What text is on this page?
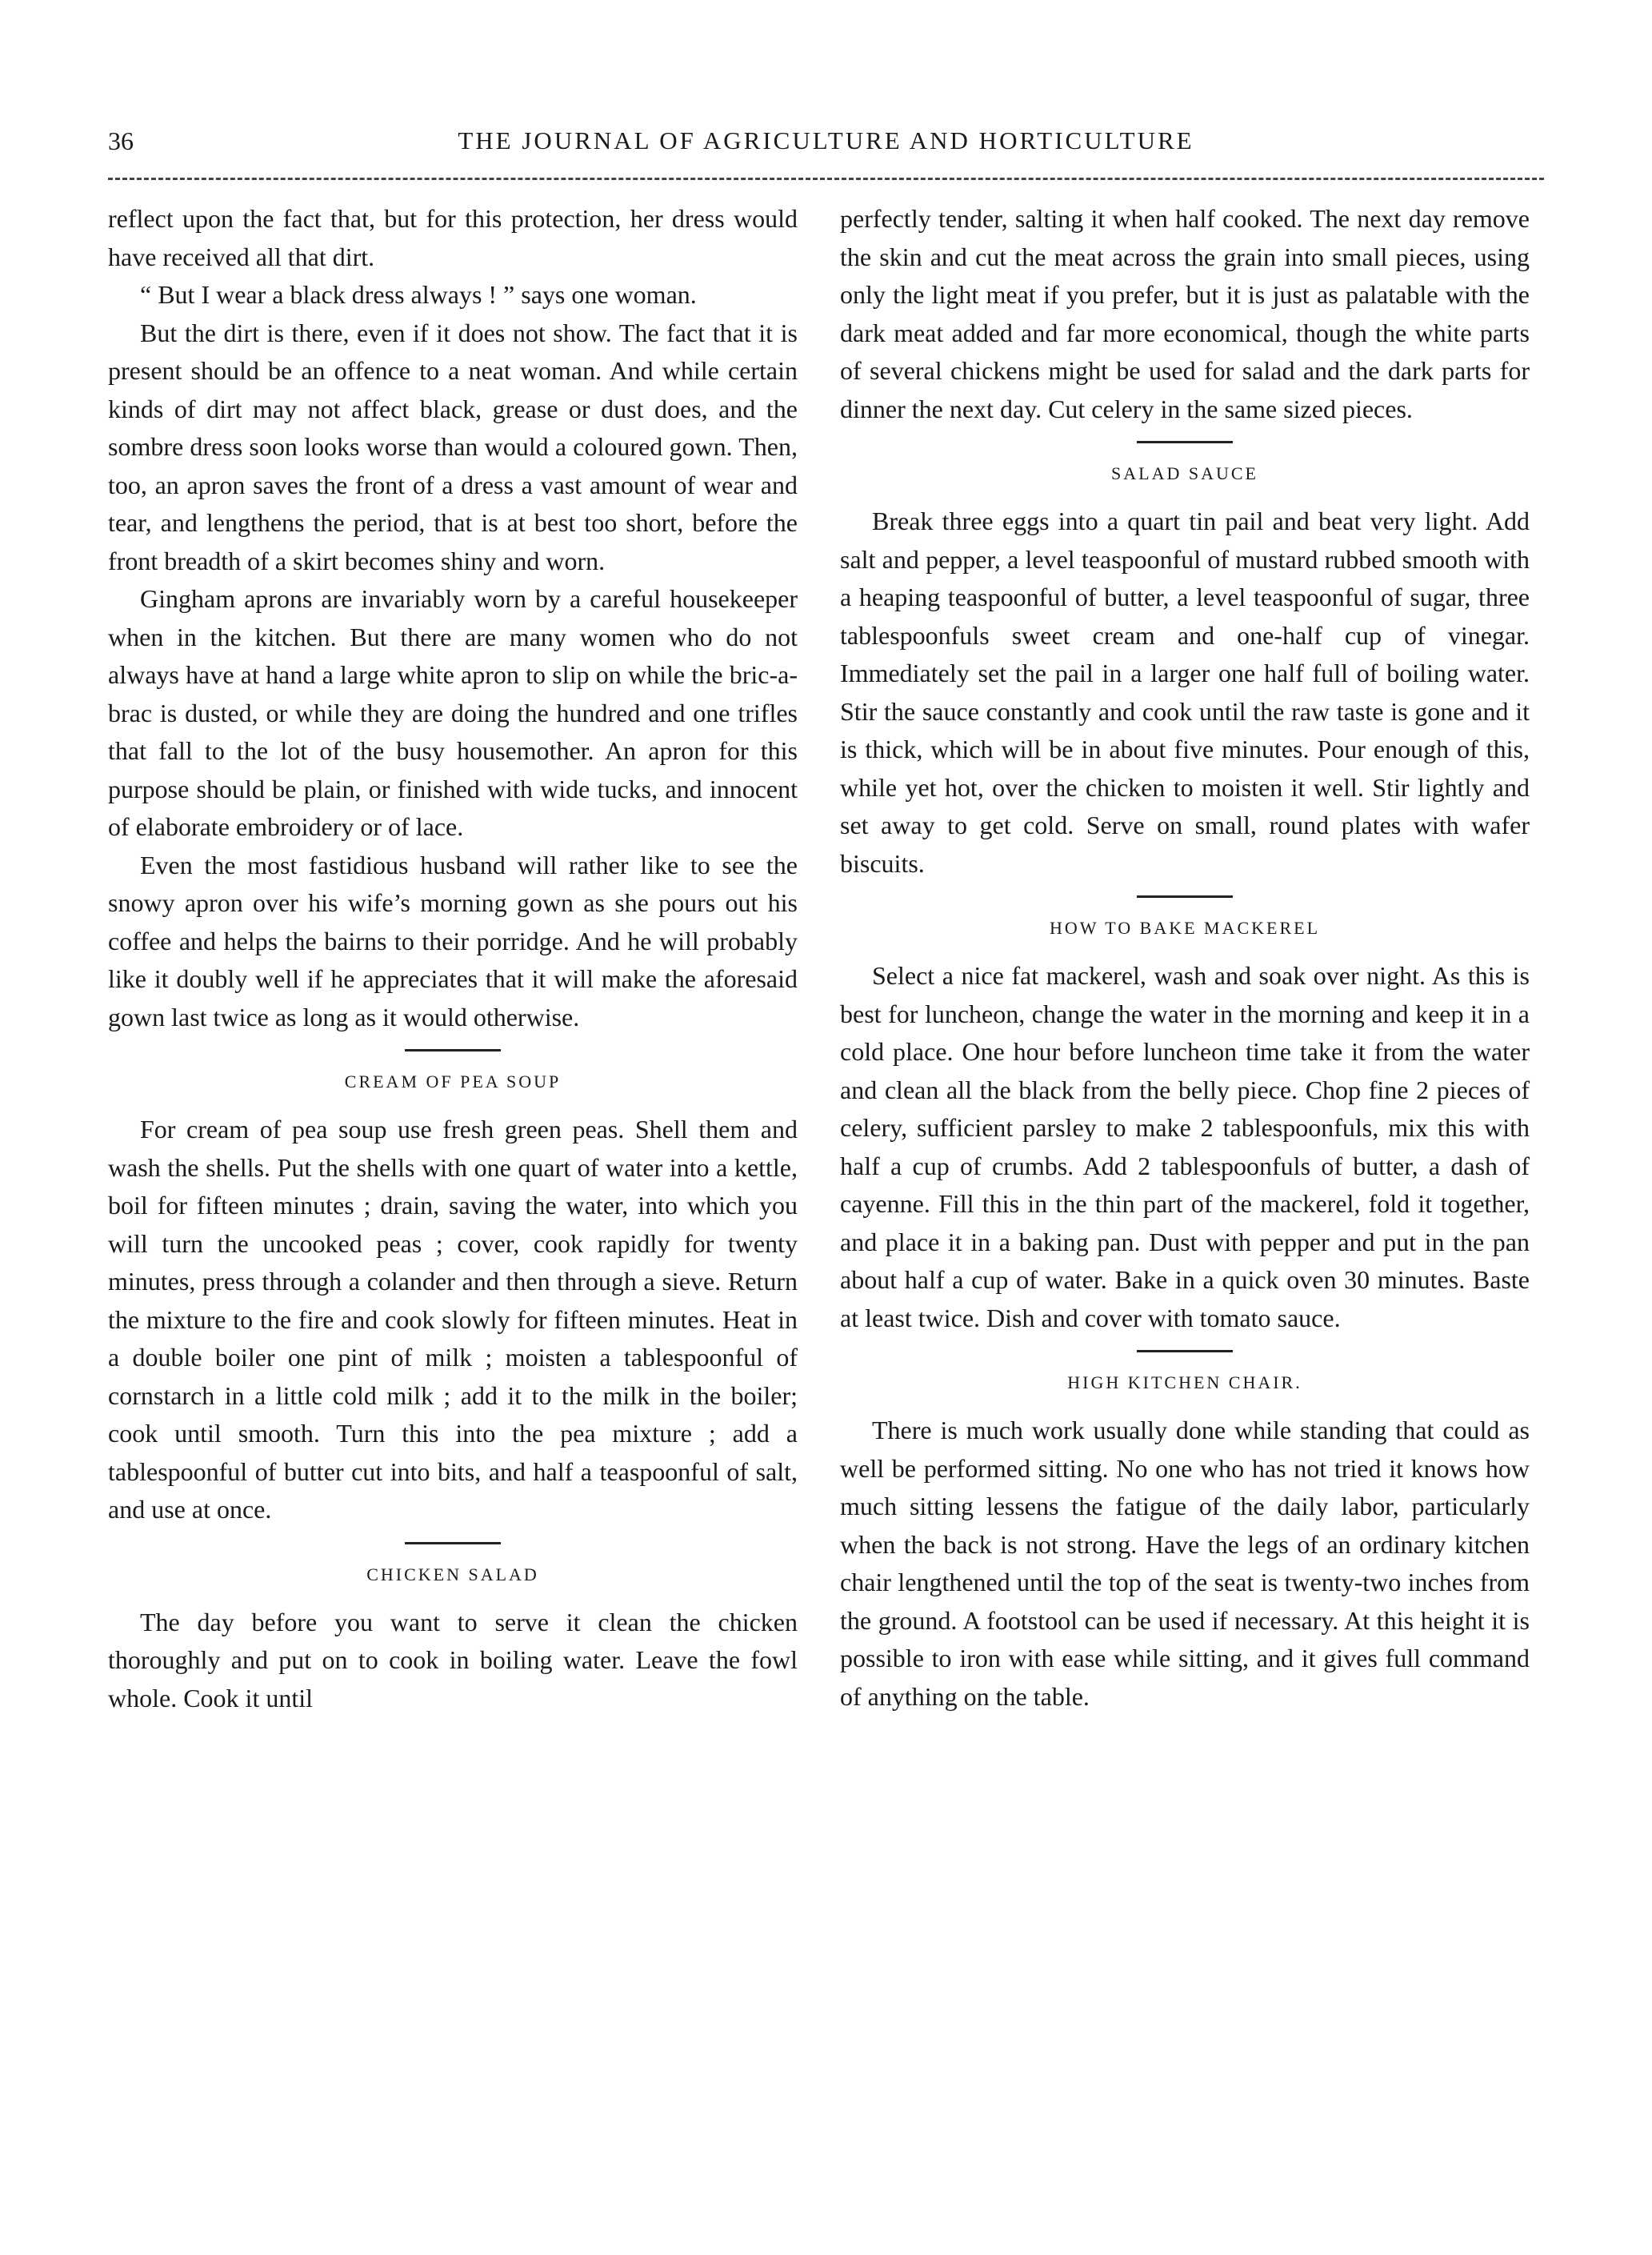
36	THE JOURNAL OF AGRICULTURE AND HORTICULTURE

reflect upon the fact that, but for this protection, her dress would have received all that dirt.

“ But I wear a black dress always ! ” says one woman.

But the dirt is there, even if it does not show. The fact that it is present should be an offence to a neat woman. And while certain kinds of dirt may not affect black, grease or dust does, and the sombre dress soon looks worse than would a coloured gown. Then, too, an apron saves the front of a dress a vast amount of wear and tear, and lengthens the period, that is at best too short, before the front breadth of a skirt becomes shiny and worn.

Gingham aprons are invariably worn by a careful housekeeper when in the kitchen. But there are many women who do not always have at hand a large white apron to slip on while the bric-a-brac is dusted, or while they are doing the hundred and one trifles that fall to the lot of the busy housemother. An apron for this purpose should be plain, or finished with wide tucks, and innocent of elaborate embroidery or of lace.

Even the most fastidious husband will rather like to see the snowy apron over his wife’s morning gown as she pours out his coffee and helps the bairns to their porridge. And he will probably like it doubly well if he appreciates that it will make the aforesaid gown last twice as long as it would otherwise.

CREAM OF PEA SOUP

For cream of pea soup use fresh green peas. Shell them and wash the shells. Put the shells with one quart of water into a kettle, boil for fifteen minutes ; drain, saving the water, into which you will turn the uncooked peas ; cover, cook rapidly for twenty minutes, press through a colander and then through a sieve. Return the mixture to the fire and cook slowly for fifteen minutes. Heat in a double boiler one pint of milk ; moisten a tablespoonful of cornstarch in a little cold milk ; add it to the milk in the boiler; cook until smooth. Turn this into the pea mixture ; add a tablespoonful of butter cut into bits, and half a teaspoonful of salt, and use at once.

CHICKEN SALAD

The day before you want to serve it clean the chicken thoroughly and put on to cook in boiling water. Leave the fowl whole. Cook it until

perfectly tender, salting it when half cooked. The next day remove the skin and cut the meat across the grain into small pieces, using only the light meat if you prefer, but it is just as palatable with the dark meat added and far more economical, though the white parts of several chickens might be used for salad and the dark parts for dinner the next day. Cut celery in the same sized pieces.

SALAD SAUCE

Break three eggs into a quart tin pail and beat very light. Add salt and pepper, a level teaspoonful of mustard rubbed smooth with a heaping teaspoonful of butter, a level teaspoonful of sugar, three tablespoonfuls sweet cream and one-half cup of vinegar. Immediately set the pail in a larger one half full of boiling water. Stir the sauce constantly and cook until the raw taste is gone and it is thick, which will be in about five minutes. Pour enough of this, while yet hot, over the chicken to moisten it well. Stir lightly and set away to get cold. Serve on small, round plates with wafer biscuits.

HOW TO BAKE MACKEREL

Select a nice fat mackerel, wash and soak over night. As this is best for luncheon, change the water in the morning and keep it in a cold place. One hour before luncheon time take it from the water and clean all the black from the belly piece. Chop fine 2 pieces of celery, sufficient parsley to make 2 tablespoonfuls, mix this with half a cup of crumbs. Add 2 tablespoonfuls of butter, a dash of cayenne. Fill this in the thin part of the mackerel, fold it together, and place it in a baking pan. Dust with pepper and put in the pan about half a cup of water. Bake in a quick oven 30 minutes. Baste at least twice. Dish and cover with tomato sauce.

HIGH KITCHEN CHAIR.

There is much work usually done while standing that could as well be performed sitting. No one who has not tried it knows how much sitting lessens the fatigue of the daily labor, particularly when the back is not strong. Have the legs of an ordinary kitchen chair lengthened until the top of the seat is twenty-two inches from the ground. A footstool can be used if necessary. At this height it is possible to iron with ease while sitting, and it gives full command of anything on the table.
